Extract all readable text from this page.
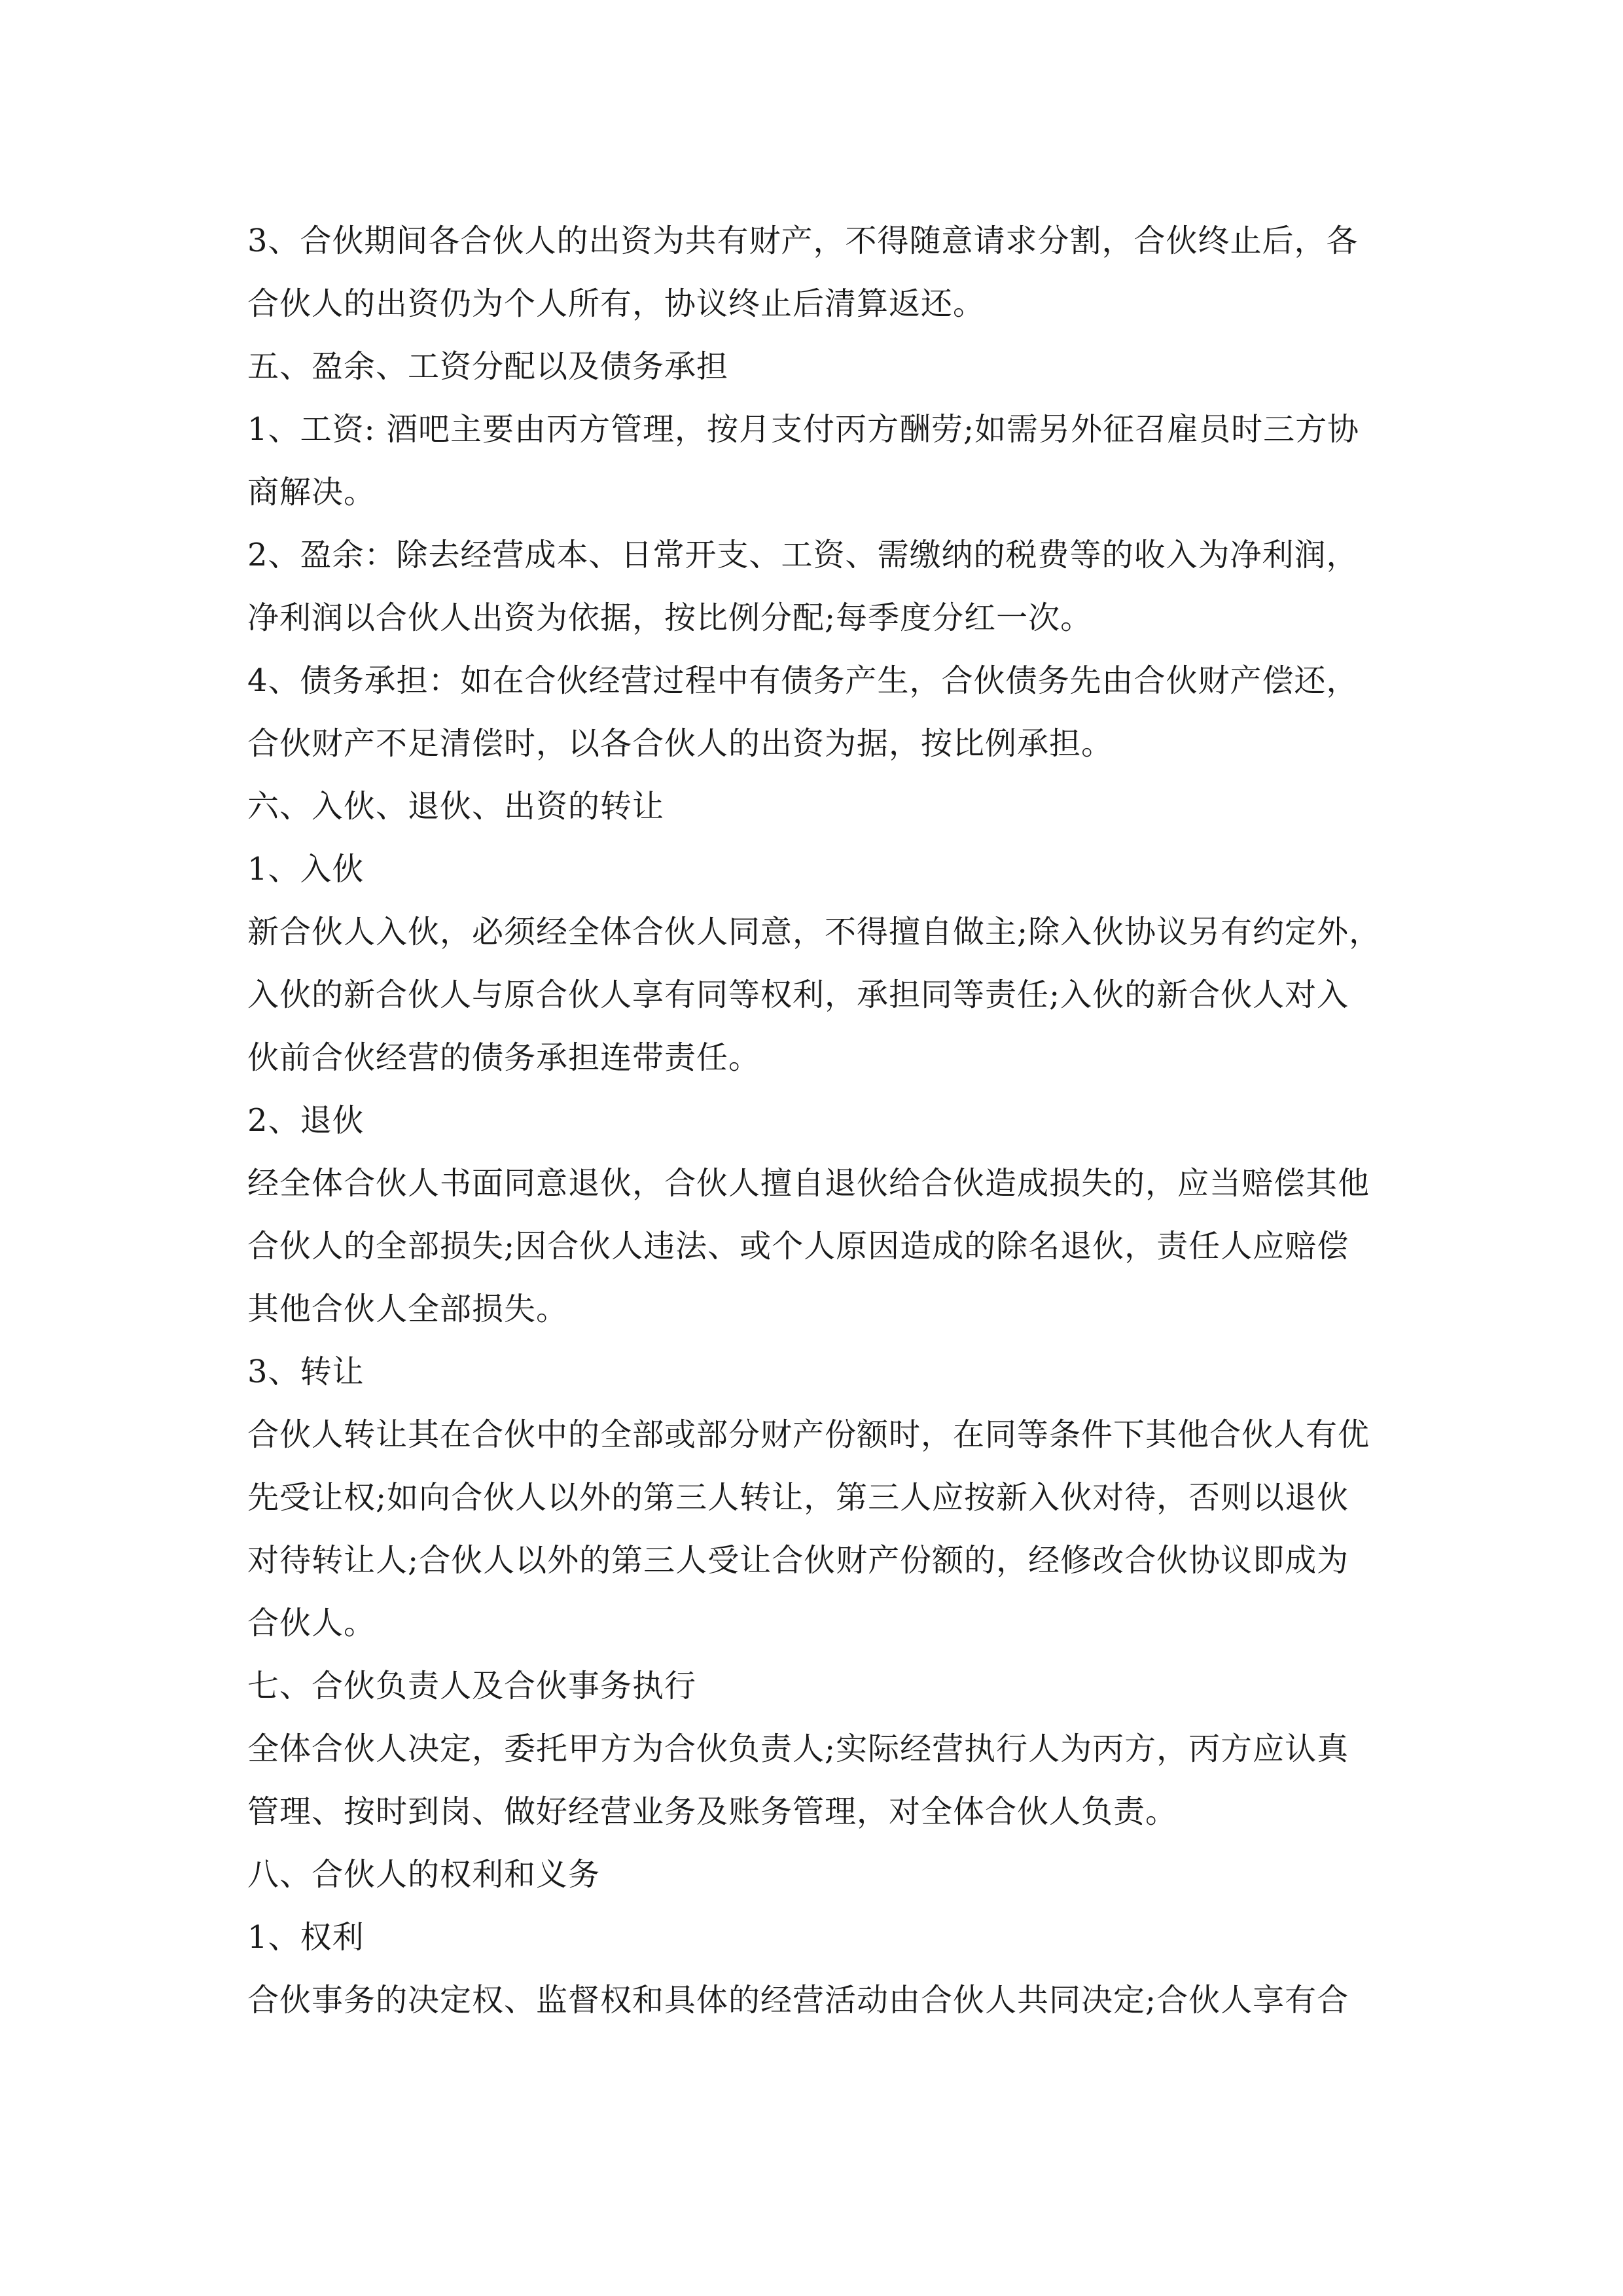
3、合伙期间各合伙人的出资为共有财产，不得随意请求分割，合伙终止后，各
合伙人的出资仍为个人所有，协议终止后清算返还。

五、盈余、工资分配以及债务承担

1、工资: 酒吧主要由丙方管理，按月支付丙方酬劳;如需另外征召雇员时三方协
商解决。

2、盈余：除去经营成本、日常开支、工资、需缴纳的税费等的收入为净利润，
净利润以合伙人出资为依据，按比例分配;每季度分红一次。

4、债务承担：如在合伙经营过程中有债务产生，合伙债务先由合伙财产偿还，
合伙财产不足清偿时，以各合伙人的出资为据，按比例承担。

六、入伙、退伙、出资的转让

1、入伙

新合伙人入伙，必须经全体合伙人同意，不得擅自做主;除入伙协议另有约定外，
入伙的新合伙人与原合伙人享有同等权利，承担同等责任;入伙的新合伙人对入
伙前合伙经营的债务承担连带责任。

2、退伙

经全体合伙人书面同意退伙，合伙人擅自退伙给合伙造成损失的，应当赔偿其他
合伙人的全部损失;因合伙人违法、或个人原因造成的除名退伙，责任人应赔偿
其他合伙人全部损失。

3、转让

合伙人转让其在合伙中的全部或部分财产份额时，在同等条件下其他合伙人有优
先受让权;如向合伙人以外的第三人转让，第三人应按新入伙对待，否则以退伙
对待转让人;合伙人以外的第三人受让合伙财产份额的，经修改合伙协议即成为
合伙人。

七、合伙负责人及合伙事务执行

全体合伙人决定，委托甲方为合伙负责人;实际经营执行人为丙方，丙方应认真
管理、按时到岗、做好经营业务及账务管理，对全体合伙人负责。

八、合伙人的权利和义务

1、权利

合伙事务的决定权、监督权和具体的经营活动由合伙人共同决定;合伙人享有合
